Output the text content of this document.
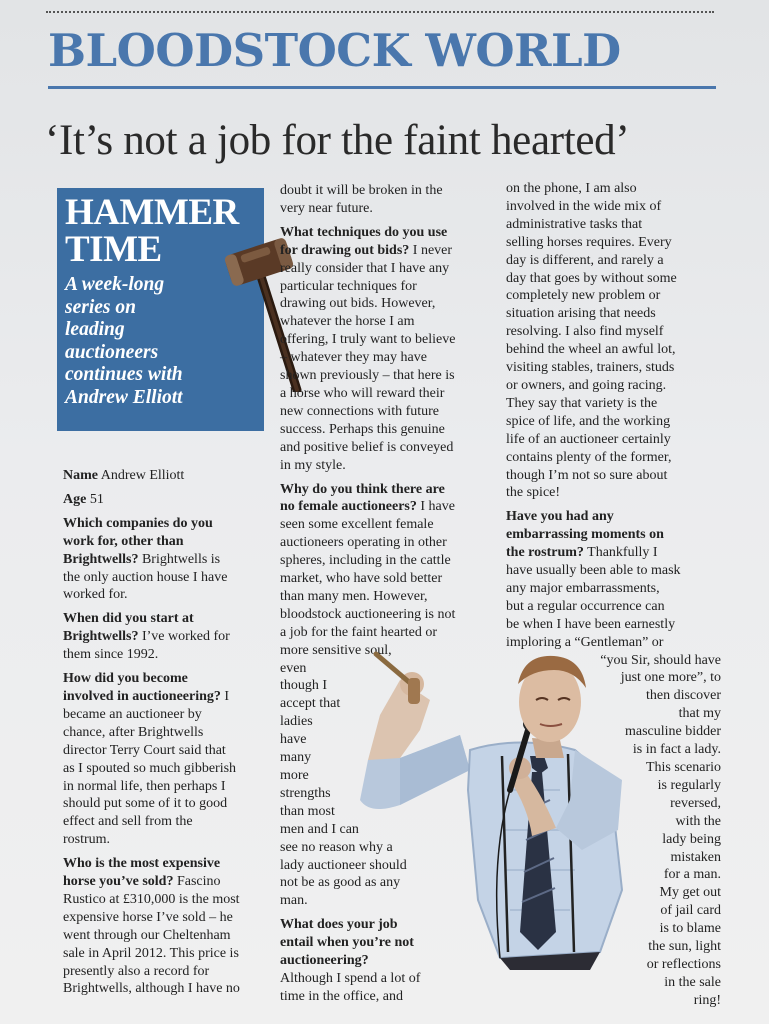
BLOODSTOCK WORLD
‘It’s not a job for the faint hearted’
HAMMER
TIME
A week-long
series on
leading
auctioneers
continues with
Andrew Elliott

Name Andrew Elliott

Age 51

Which companies do you
work for, other than
Brightwells? Brightwells is
the only auction house I have
worked for.
When did you start at
Brightwells? I’ve worked for
them since 1992.
How did you become
involved in auctioneering? I
became an auctioneer by
chance, after Brightwells
director Terry Court said that
as I spouted so much gibberish
in normal life, then perhaps I
should put some of it to good
effect and sell from the
rostrum.
Who is the most expensive
horse you’ve sold? Fascino
Rustico at £310,000 is the most
expensive horse I’ve sold – he
went through our Cheltenham
sale in April 2012. This price is
presently also a record for
Brightwells, although I have no
doubt it will be broken in the
very near future.
What techniques do you use
for drawing out bids? I never
really consider that I have any
particular techniques for
drawing out bids. However,
whatever the horse I am
offering, I truly want to believe
– whatever they may have
shown previously – that here is
a horse who will reward their
new connections with future
success. Perhaps this genuine
and positive belief is conveyed
in my style.
Why do you think there are
no female auctioneers? I have
seen some excellent female
auctioneers operating in other
spheres, including in the cattle
market, who have sold better
than many men. However,
bloodstock auctioneering is not
a job for the faint hearted or
more sensitive soul,
even
though I
accept that
ladies
have
many
more
strengths
than most
men and I can
see no reason why a
lady auctioneer should
not be as good as any
man.
What does your job
entail when you’re not
auctioneering?
Although I spend a lot of
time in the office, and
on the phone, I am also
involved in the wide mix of
administrative tasks that
selling horses requires. Every
day is different, and rarely a
day that goes by without some
completely new problem or
situation arising that needs
resolving. I also find myself
behind the wheel an awful lot,
visiting stables, trainers, studs
or owners, and going racing.
They say that variety is the
spice of life, and the working
life of an auctioneer certainly
contains plenty of the former,
though I’m not so sure about
the spice!
Have you had any
embarrassing moments on
the rostrum? Thankfully I
have usually been able to mask
any major embarrassments,
but a regular occurrence can
be when I have been earnestly
imploring a “Gentleman” or
“you Sir, should have
just one more”, to
then discover
that my
masculine bidder
is in fact a lady.
This scenario
is regularly
reversed,
with the
lady being
mistaken
for a man.
My get out
of jail card
is to blame
the sun, light
or reflections
in the sale
ring!
